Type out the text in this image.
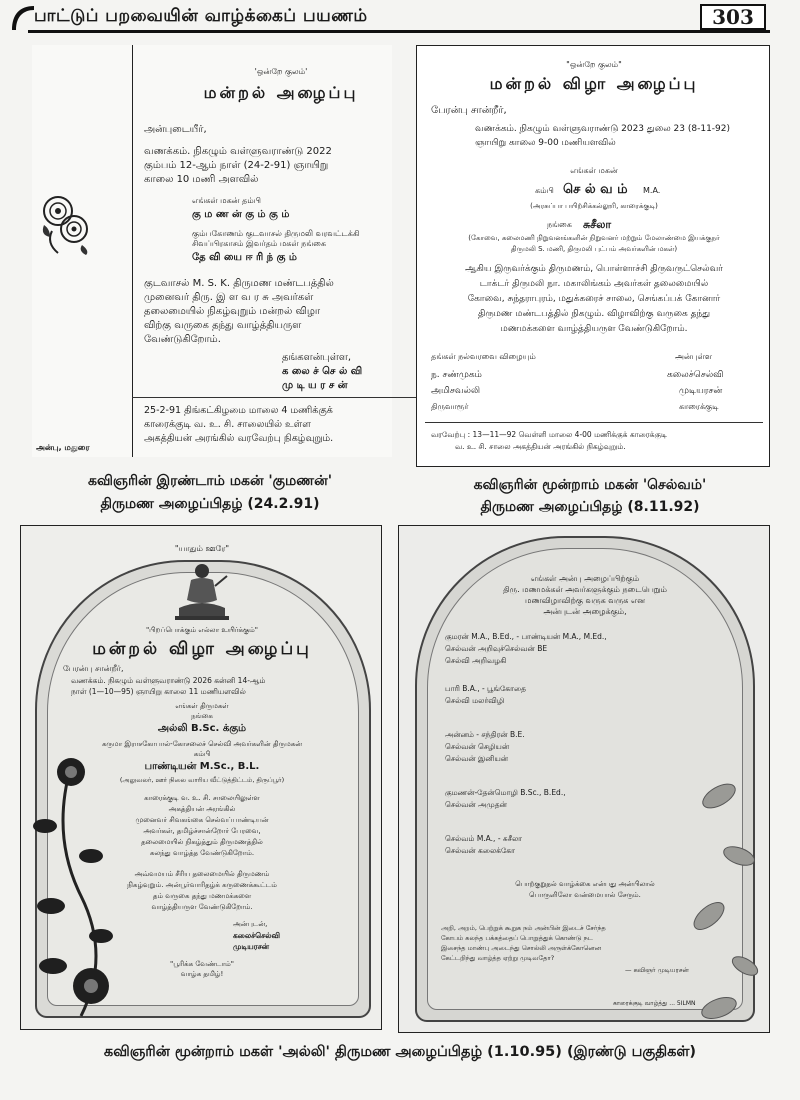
பாட்டுப் பறவையின் வாழ்க்கைப் பயணம்	303
'ஒன்றே குலம்'
மன்றல் அழைப்பு
அன்புடையீர்,
வணக்கம். நிகழும் வள்ளுவராண்டு 2022
கும்பம் 12-ஆம் நாள் (24-2-91) ஞாயிறு
காலை 10 மணி அளவில்
எங்கள் மகன் தம்பி
கு ம ண ன் கு ம் கு ம்
கும்பகோணம் குடவாசல் திருமலி வரவட்டக்கி
சிவப்பிரகாசம் இவர்தம் மகள் நங்கை
தே வி யை ஈ ரி ந் கு ம்
குடவாசல் M. S. K. திருமண மண்டபத்தில்
முனைவர் திரு. இ ள வ ர சு அவர்கள்
தலைமையில் நிகழ்வுறும் மன்றல் விழா
விற்கு வருகை தந்து வாழ்த்தியருள
வேண்டுகிறோம்.
தங்களன்புள்ள,
க லை ச் செ ல் வி
மு டி ய ர ச ன்
25-2-91 திங்கட்கிழமை மாலை 4 மணிக்குக்
காரைக்குடி வ. உ. சி. சாலையில் உள்ள
அகத்தியன் அரங்கில் வரவேற்பு நிகழ்வுறும்.
அன்பு, மதுரை
"ஒன்றே குலம்"
மன்றல் விழா அழைப்பு
பேரன்பு சான்றீர்,
வணக்கம். நிகழும் வள்ளுவராண்டு 2023 துலை 23 (8-11-92)
ஞாயிறு காலை 9-00 மணியளவில்
எங்கள் மகன்
கம்பி செ ல் வ ம் M.A.
(அரசுப்பா பயிற்சிக்கல்லூரி, காரைக்குடி)
நங்கை சுசீலா
(கோவை, கலைமணி நிறுவனங்களின் நிறுவனர் மற்றும் மேலாண்மை இயக்குநர்
திருமலி S. மணி, திருமலி புட்பம் அவர்களின் மகள்)
ஆகிய இருவர்க்கும் திருமணம், பொள்ளாச்சி திருவருட்செல்வர்
டாக்டர் திருமலி நா. மகாலிங்கம் அவர்கள் தலைமையில்
கோவை, சுந்தராபுரம், மதுக்கரைச் சாலை, செங்கப்பக் கோனார்
திருமண மண்டபத்தில் நிகழும். விழாவிற்கு வருகை தந்து
மணமக்களை வாழ்த்தியருள வேண்டுகிறோம்.
தங்கள் நல்வரவை விழையும்	அன்புள்ள
ந. சண்முகம்
அமிசவல்லி
திருவாரூர்
கலைச்செல்வி
முடியரசன்
காரைக்குடி
வரவேற்பு : 13—11—92 வெள்ளி மாலை 4-00 மணிக்குக் காரைக்குடி
வ. உ. சி. சாலை அகத்தியன் அரங்கில் நிகழ்வுறும்.
கவிஞரின் இரண்டாம் மகன் 'குமணன்'
திருமண அழைப்பிதழ் (24.2.91)
கவிஞரின் மூன்றாம் மகன் 'செல்வம்'
திருமண அழைப்பிதழ் (8.11.92)
"யாதும் ஊரே"
"பிறப்பொக்கும் எல்லா உயிர்க்கும்"
மன்றல் விழா அழைப்பு
பேரன்பு சான்றீர்,
வணக்கம். நிகழும் வள்ளுவராண்டு 2026 கன்னி 14-ஆம்
நாள் (1—10—95) ஞாயிறு காலை 11 மணியளவில்
எங்கள் திருமகள்
நங்கை
அல்லி B.Sc. க்கும்
கருமா இராசகோபால்-கோசலைச் செல்வி அவர்களின் திருமகன்
கம்பி
பாண்டியன் M.Sc., B.L.
(அலுவலர், ஊர் நிலை வாரிய வீட்டுத்திட்டம், திருப்பூர்)
காரைக்குடி வ. உ. சி. சாலையிலுள்ள
அகத்தியன் அரங்கில்
முனைவர் சிவகங்கை செல்வப்பாண்டியன்
அவர்கள், தமிழ்ச்சான்றோர் பேரவை,
தலைமையில் நிகழ்த்தும் திருமணத்தில்
கலந்து வாழ்த்த வேண்டுகிறோம்.
அவ்வமயம் சீரிய தலைமையில் திருமணம்
நிகழ்வுறும். அன்பூர்வாரிதழ்க் கருணைக்கூட்டம்
தம் வருகை தந்து மணமக்களை
வாழ்த்தியருள வேண்டுகிறோம்.
அன்புடன்,
கலைச்செல்வி
முடியரசன்
"பூரிக்க வேண்டாம்"
வாழ்க தமிழ்!
எங்கள் அன்பு அழைப்பிற்கும்
திரு. மணமக்கள் அவர்களுக்கும் நடைபெறும்
மணவிழாவிற்கு வருக வருக என
அன்புடன் அழைக்கும்,
குமரன் M.A., B.Ed., - பாண்டியன் M.A., M.Ed.,
செல்வன் அறிவுச்செல்வன் BE
செல்வி அறிவழகி
பாரி B.A., - பூங்கோதை
செல்வி மலர்விழி
அன்னம் - சந்திரன் B.E.
செல்வன் செழியன்
செல்வன் இனியன்
குமணன்-தேன்மொழி B.Sc., B.Ed.,
செல்வன் அமுதன்
செல்வம் M.A., - சுசீலா
செல்வன் கலைக்கோ
பொற்குறுதல் வாழ்க்கை என்பது அன்பிலால்
பொருளிலோ வன்மையால் சேரும்.
அறி, அறம், பெற்றுக் கூறுக நம் அன்பின் இடைச் சேர்ந்த
கோபம் கலந்த பக்கத்தைப் பொறுத்துக் கொண்டு நட
இசைந்த மாண்பு அடைந்து சொல்லி அருள்க்கோனென
கேட்டறிந்து வாழ்த்த ஏற்று முடிவதோ?
— கவிஞர் முடியரசன்
காரைக்குடி வாழ்த்து ... 5ILMN
கவிஞரின் மூன்றாம் மகள் 'அல்லி' திருமண அழைப்பிதழ் (1.10.95) (இரண்டு பகுதிகள்)
